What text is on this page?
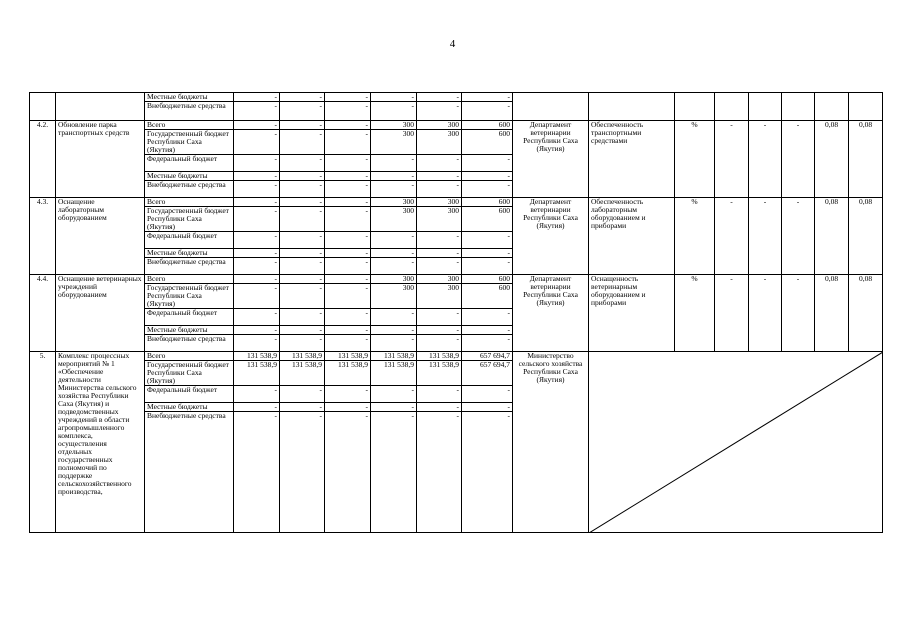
4
		Местные бюджеты	-	-	-	-	-	-								
		Внебюджетные средства	-	-	-	-	-	-								
4.2.	Обновление парка транспортных средств	Всего	-	-	-	300	300	600	Департамент ветеринарии Республики Саха (Якутия)	Обеспеченность транспортными средствами	%	-	-	-	0,08	0,08
		Государственный бюджет Республики Саха (Якутия)	-	-	-	300	300	600								
		Федеральный бюджет	-	-	-	-	-	-								
		Местные бюджеты	-	-	-	-	-	-								
		Внебюджетные средства	-	-	-	-	-	-								
4.3.	Оснащение лабораторным оборудованием	Всего	-	-	-	300	300	600	Департамент ветеринарии Республики Саха (Якутия)	Обеспеченность лабораторным оборудованием и приборами	%	-	-	-	0,08	0,08
		Государственный бюджет Республики Саха (Якутия)	-	-	-	300	300	600								
		Федеральный бюджет	-	-	-	-	-	-								
		Местные бюджеты	-	-	-	-	-	-								
		Внебюджетные средства	-	-	-	-	-	-								
4.4.	Оснащение ветеринарных учреждений оборудованием	Всего	-	-	-	300	300	600	Департамент ветеринарии Республики Саха (Якутия)	Оснащенность ветеринарным оборудованием и приборами	%	-	-	-	0,08	0,08
		Государственный бюджет Республики Саха (Якутия)	-	-	-	300	300	600								
		Федеральный бюджет	-	-	-	-	-	-								
		Местные бюджеты	-	-	-	-	-	-								
		Внебюджетные средства	-	-	-	-	-	-								
5.	Комплекс процессных мероприятий № 1 «Обеспечение деятельности Министерства сельского хозяйства Республики Саха (Якутия) и подведомственных учреждений в области агропромышленного комплекса, осуществления отдельных государственных полномочий по поддержке сельскохозяйственного производства,	Всего	131 538,9	131 538,9	131 538,9	131 538,9	131 538,9	657 694,7	Министерство сельского хозяйства Республики Саха (Якутия)	

		Государственный бюджет Республики Саха (Якутия)	131 538,9	131 538,9	131 538,9	131 538,9	131 538,9	657 694,7								
		Федеральный бюджет	-	-	-	-	-	-								
		Местные бюджеты	-	-	-	-	-	-								
		Внебюджетные средства	-	-	-	-	-	-								
